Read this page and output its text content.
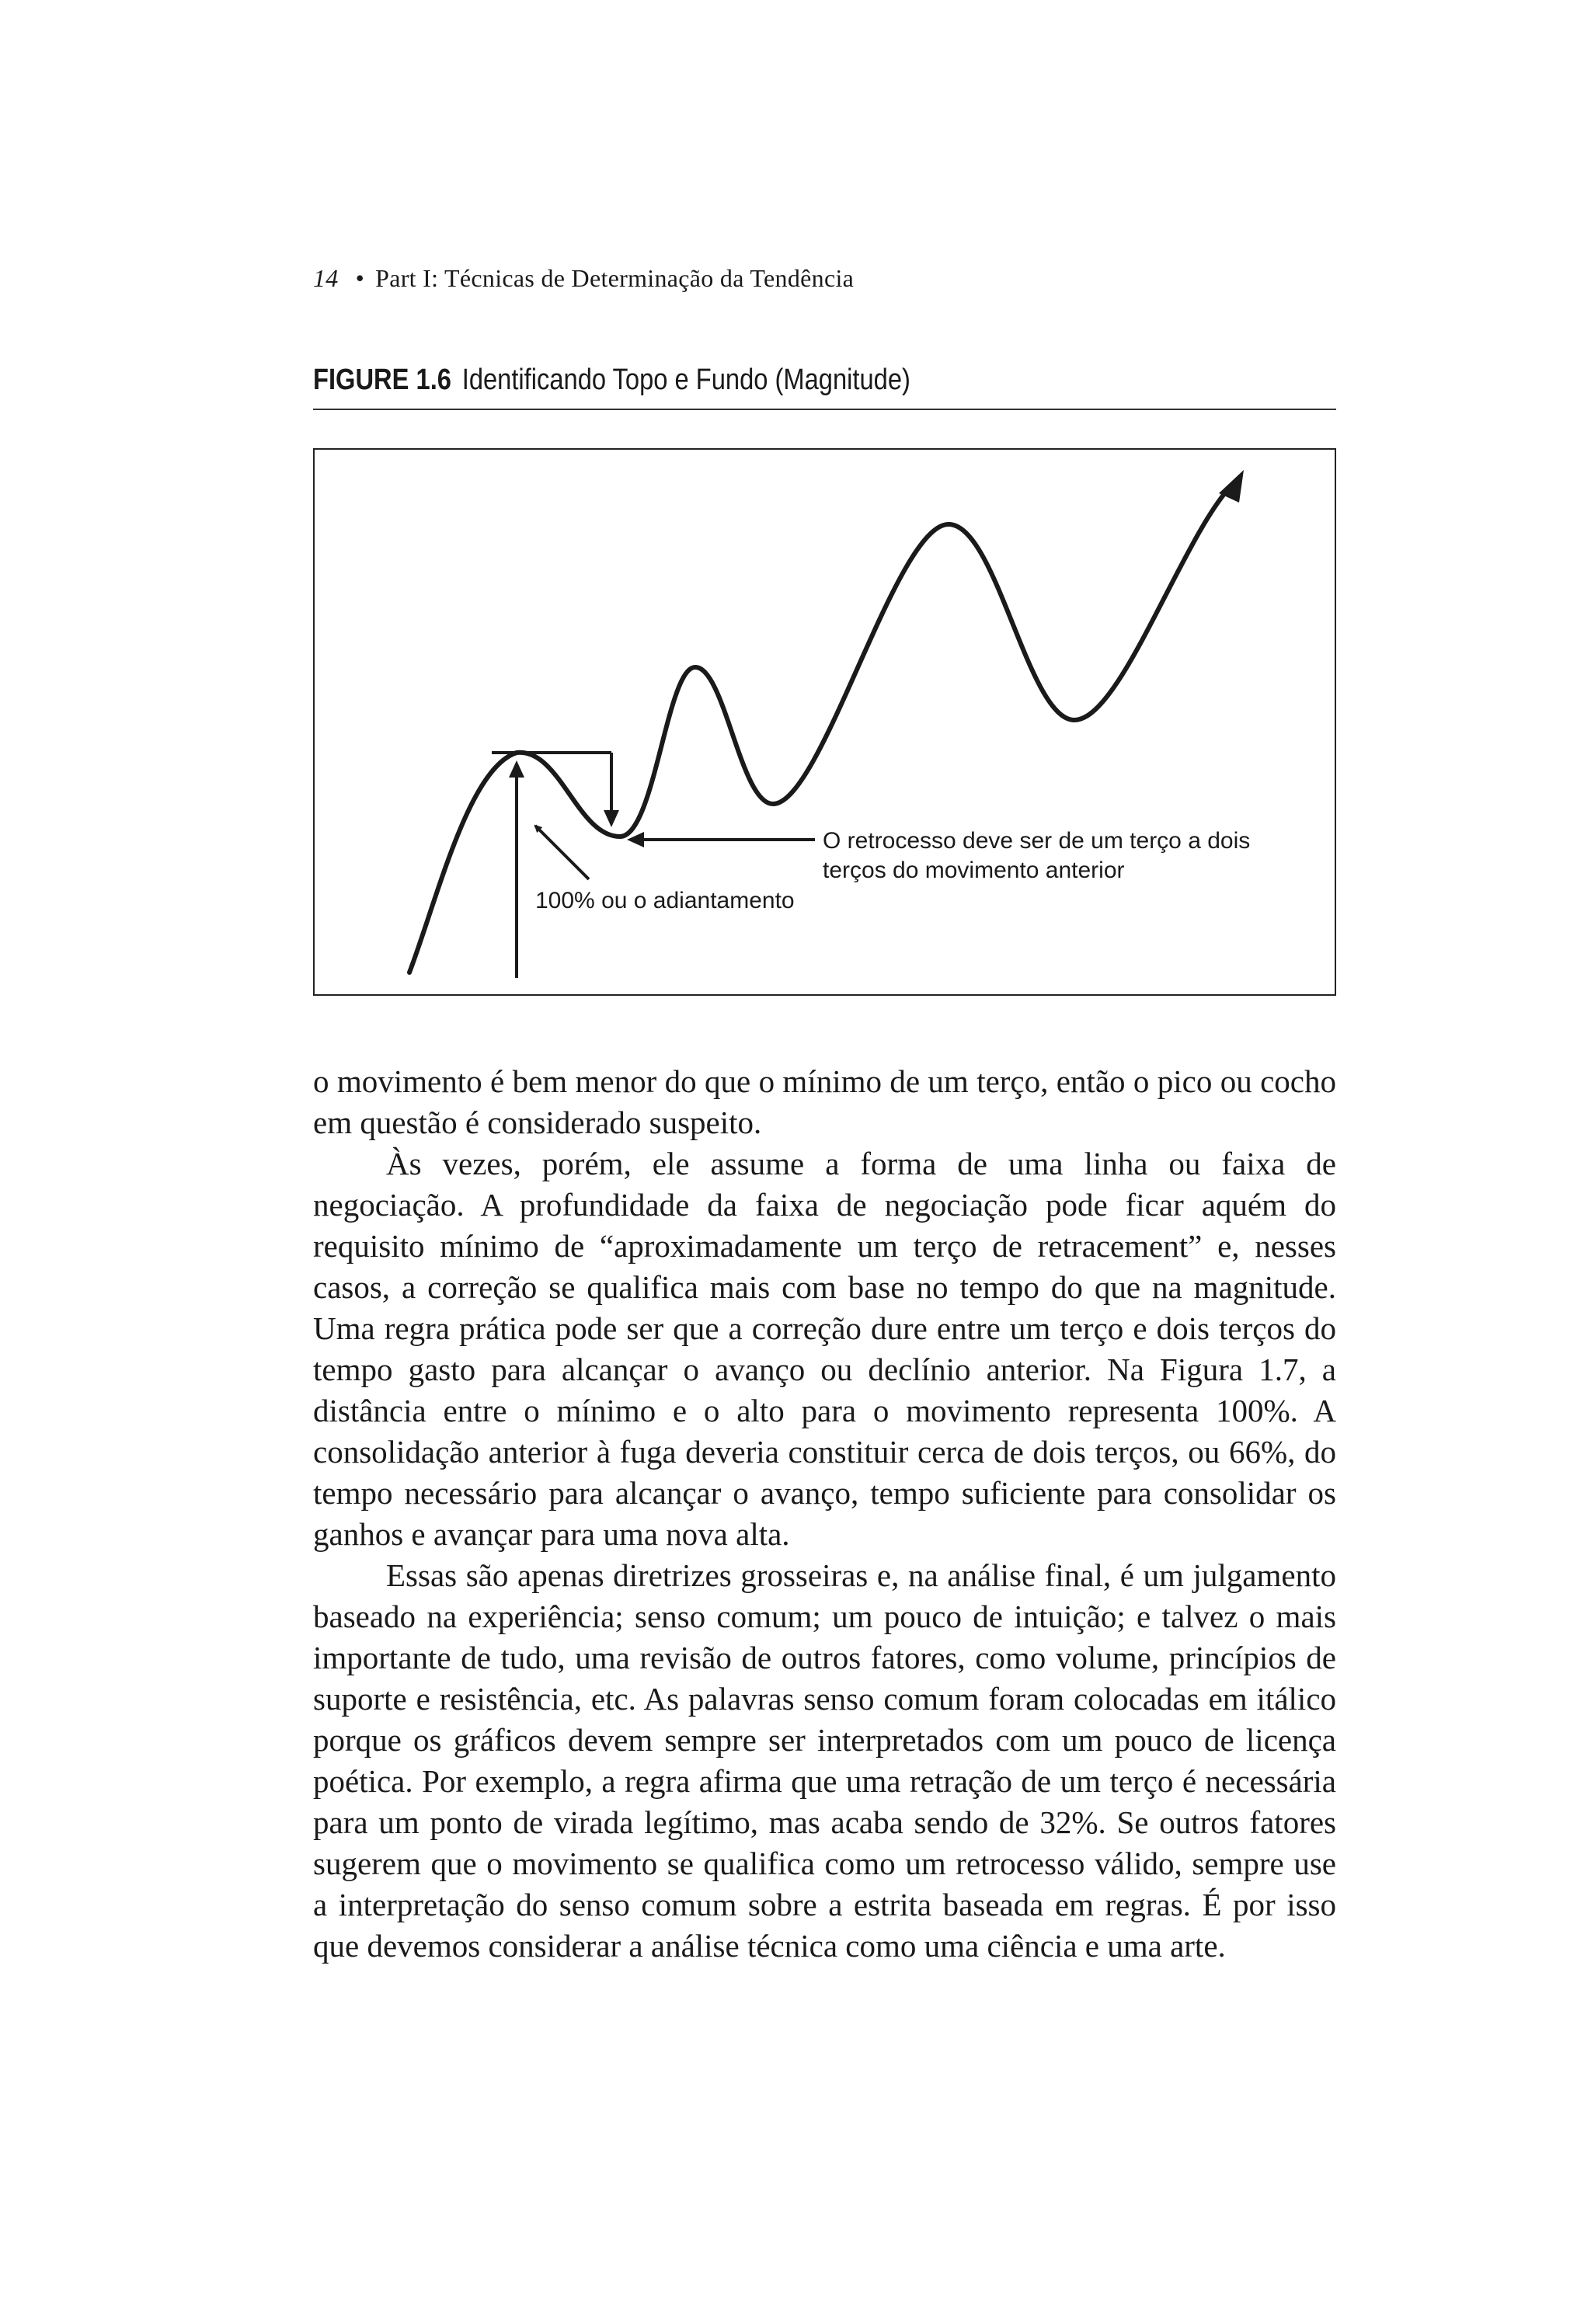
14 • Part I: Técnicas de Determinação da Tendência
FIGURE 1.6 Identificando Topo e Fundo (Magnitude)
O retrocesso deve ser de um terço a dois
terços do movimento anterior
100% ou o adiantamento

o movimento é bem menor do que o mínimo de um terço, então o pico ou cocho em questão é considerado suspeito.

Às vezes, porém, ele assume a forma de uma linha ou faixa de negociação. A profundidade da faixa de negociação pode ficar aquém do requisito mínimo de “aproximadamente um terço de retracement” e, nesses casos, a correção se qualifica mais com base no tempo do que na magnitude. Uma regra prática pode ser que a correção dure entre um terço e dois terços do tempo gasto para alcançar o avanço ou declínio anterior. Na Figura 1.7, a distância entre o mínimo e o alto para o movimento representa 100%. A consolidação anterior à fuga deveria constituir cerca de dois terços, ou 66%, do tempo necessário para alcançar o avanço, tempo suficiente para consolidar os ganhos e avançar para uma nova alta.

Essas são apenas diretrizes grosseiras e, na análise final, é um julgamento baseado na experiência; senso comum; um pouco de intuição; e talvez o mais importante de tudo, uma revisão de outros fatores, como volume, princípios de suporte e resistência, etc. As palavras senso comum foram colocadas em itálico porque os gráficos devem sempre ser interpretados com um pouco de licença poética. Por exemplo, a regra afirma que uma retração de um terço é necessária para um ponto de virada legítimo, mas acaba sendo de 32%. Se outros fatores sugerem que o movimento se qualifica como um retrocesso válido, sempre use a interpretação do senso comum sobre a estrita baseada em regras. É por isso que devemos considerar a análise técnica como uma ciência e uma arte.
